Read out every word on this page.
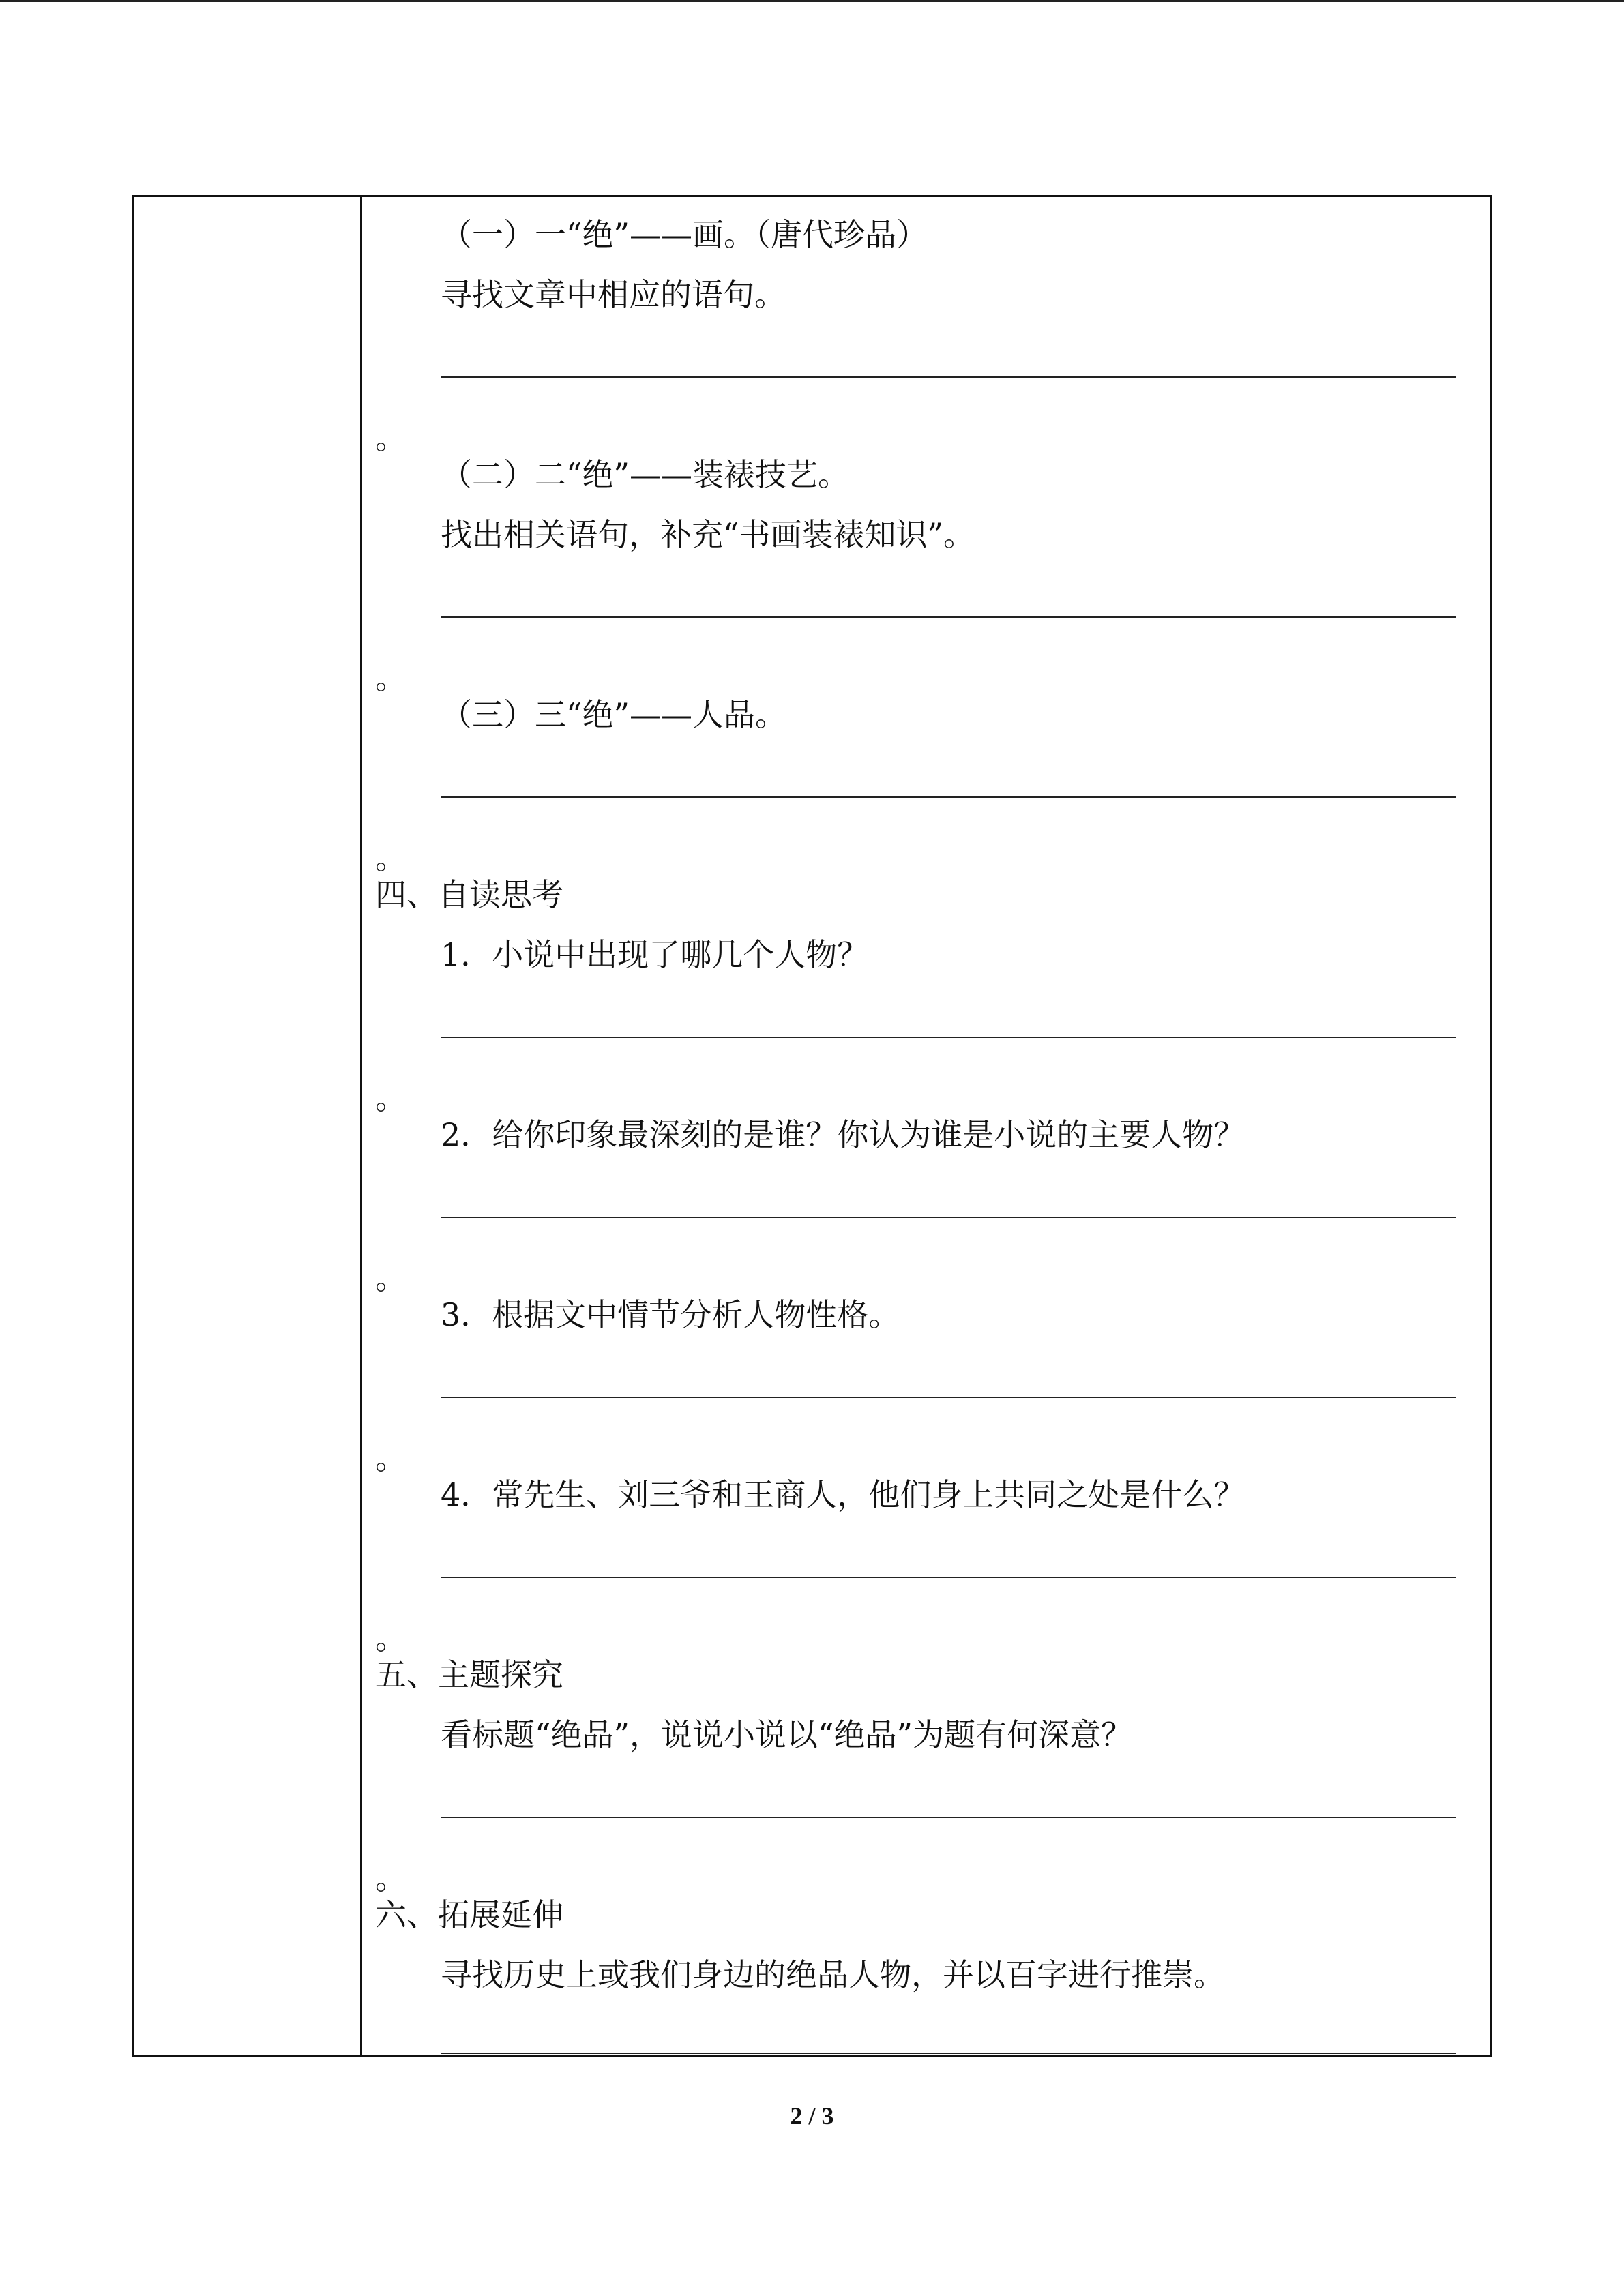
（一）一“绝”——画。（唐代珍品）
寻找文章中相应的语句。
。
（二）二“绝”——装裱技艺。
找出相关语句，补充“书画装裱知识”。
。
（三）三“绝”——人品。
。
四、自读思考
1．小说中出现了哪几个人物？
。
2．给你印象最深刻的是谁？你认为谁是小说的主要人物？
。
3．根据文中情节分析人物性格。
。
4．常先生、刘三爷和王商人，他们身上共同之处是什么？
。
五、主题探究
看标题“绝品”，说说小说以“绝品”为题有何深意？
。
六、拓展延伸
寻找历史上或我们身边的绝品人物，并以百字进行推崇。
2 / 3
